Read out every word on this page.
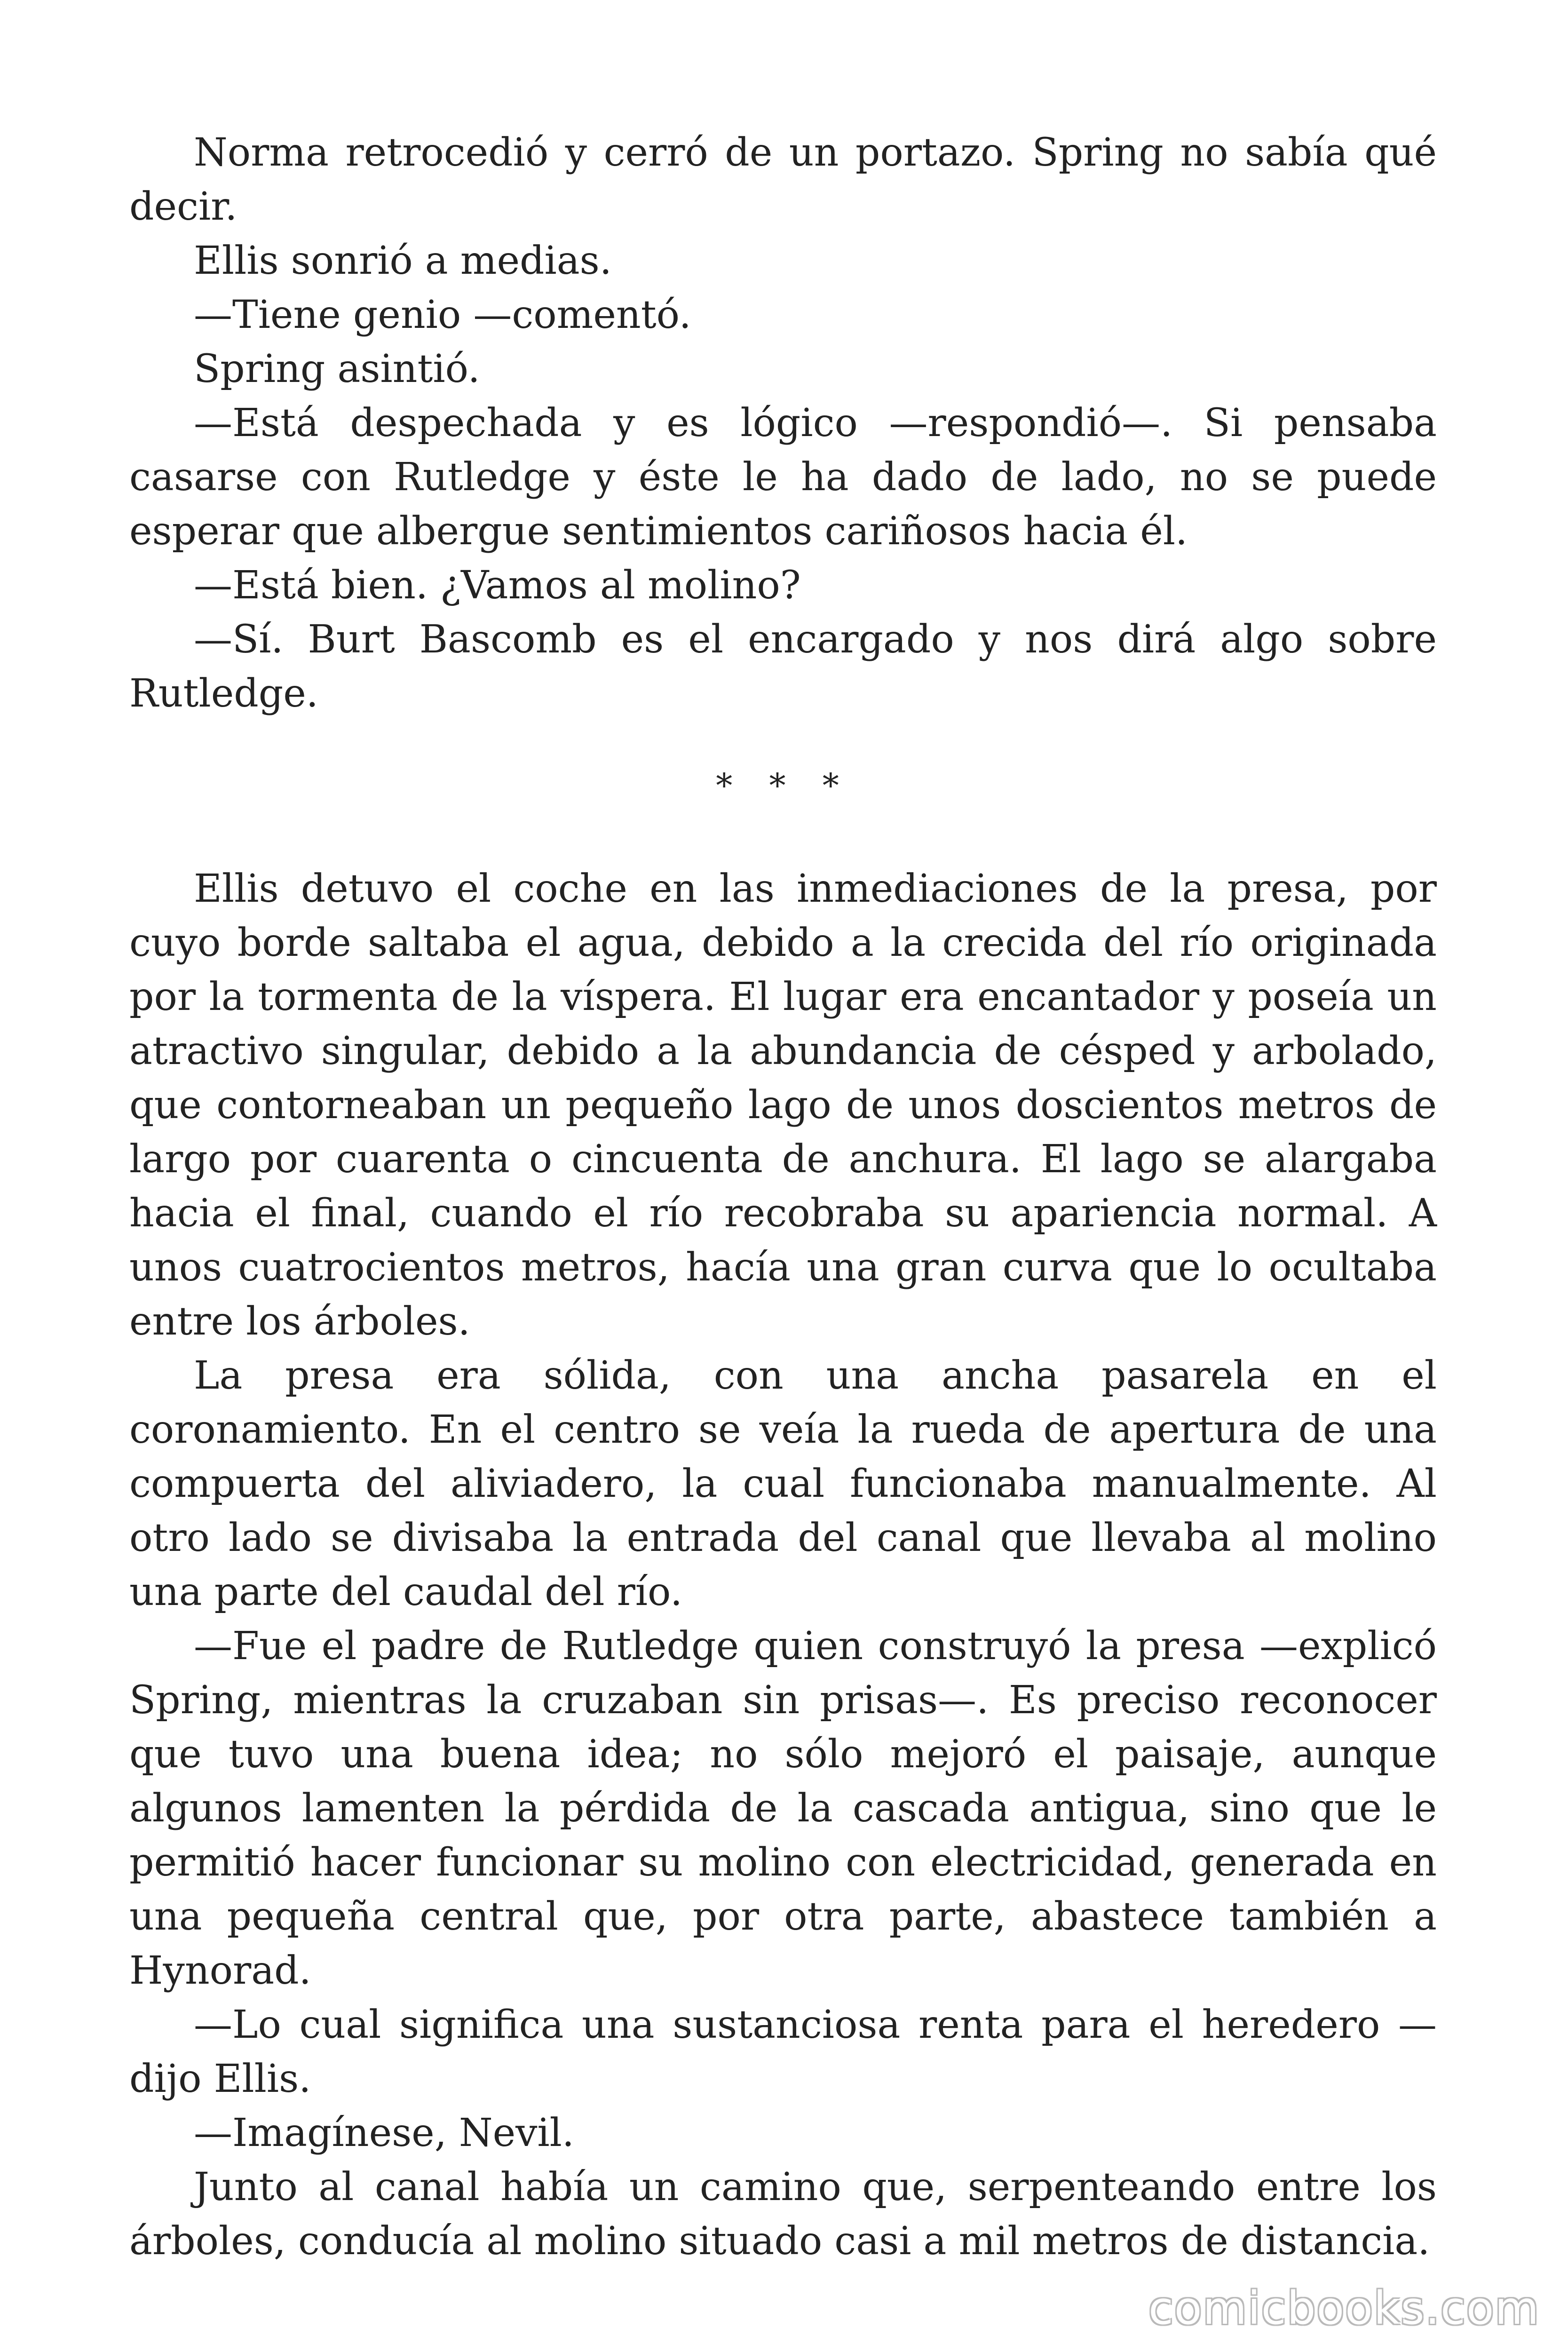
Norma retrocedió y cerró de un portazo. Spring no sabía qué decir.

Ellis sonrió a medias.

—Tiene genio —comentó.

Spring asintió.

—Está despechada y es lógico —respondió—. Si pensaba casarse con Rutledge y éste le ha dado de lado, no se puede esperar que albergue sentimientos cariñosos hacia él.

—Está bien. ¿Vamos al molino?

—Sí. Burt Bascomb es el encargado y nos dirá algo sobre Rutledge.

* * *

Ellis detuvo el coche en las inmediaciones de la presa, por cuyo borde saltaba el agua, debido a la crecida del río originada por la tormenta de la víspera. El lugar era encantador y poseía un atractivo singular, debido a la abundancia de césped y arbolado, que contorneaban un pequeño lago de unos doscientos metros de largo por cuarenta o cincuenta de anchura. El lago se alargaba hacia el final, cuando el río recobraba su apariencia normal. A unos cuatrocientos metros, hacía una gran curva que lo ocultaba entre los árboles.

La presa era sólida, con una ancha pasarela en el coronamiento. En el centro se veía la rueda de apertura de una compuerta del aliviadero, la cual funcionaba manualmente. Al otro lado se divisaba la entrada del canal que llevaba al molino una parte del caudal del río.

—Fue el padre de Rutledge quien construyó la presa —explicó Spring, mientras la cruzaban sin prisas—. Es preciso reconocer que tuvo una buena idea; no sólo mejoró el paisaje, aunque algunos lamenten la pérdida de la cascada antigua, sino que le permitió hacer funcionar su molino con electricidad, generada en una pequeña central que, por otra parte, abastece también a Hynorad.

—Lo cual significa una sustanciosa renta para el heredero —dijo Ellis.

—Imagínese, Nevil.

Junto al canal había un camino que, serpenteando entre los árboles, conducía al molino situado casi a mil metros de distancia.

comicbooks.com
